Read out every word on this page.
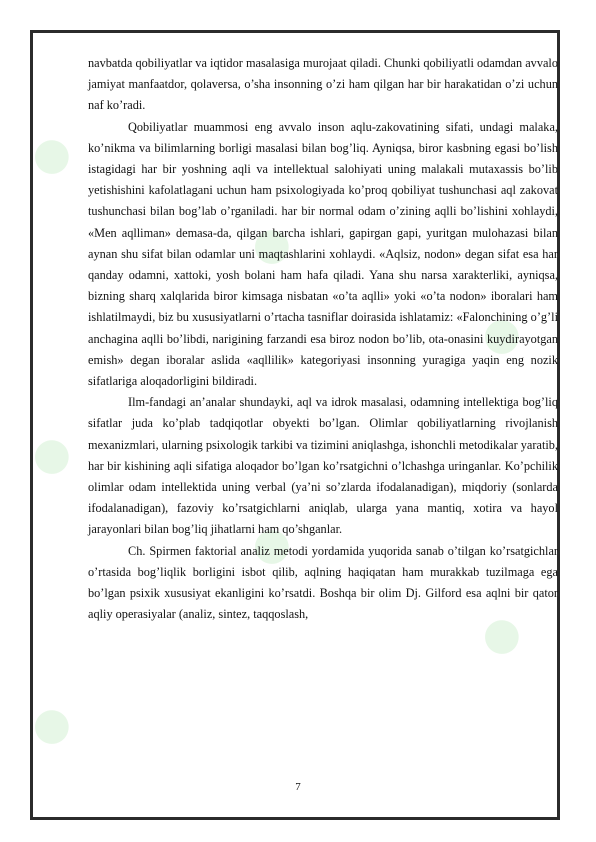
●
●
●
●
●
●
●

navbatda qobiliyatlar va iqtidor masalasiga murojaat qiladi. Chunki qobiliyatli odamdan avvalo jamiyat manfaatdor, qolaversa, o’sha insonning o’zi ham qilgan har bir harakatidan o’zi uchun naf ko’radi.

Qobiliyatlar muammosi eng avvalo inson aqlu-zakovatining sifati, undagi malaka, ko’nikma va bilimlarning borligi masalasi bilan bog’liq. Ayniqsa, biror kasbning egasi bo’lish istagidagi har bir yoshning aqli va intellektual salohiyati uning malakali mutaxassis bo’lib yetishishini kafolatlagani uchun ham psixologiyada ko’proq qobiliyat tushunchasi aql zakovat tushunchasi bilan bog’lab o’rganiladi. har bir normal odam o’zining aqlli bo’lishini xohlaydi, «Men aqlliman» demasa-da, qilgan barcha ishlari, gapirgan gapi, yuritgan mulohazasi bilan aynan shu sifat bilan odamlar uni maqtashlarini xohlaydi. «Aqlsiz, nodon» degan sifat esa har qanday odamni, xattoki, yosh bolani ham hafa qiladi. Yana shu narsa xarakterliki, ayniqsa, bizning sharq xalqlarida biror kimsaga nisbatan «o’ta aqlli» yoki «o’ta nodon» iboralari ham ishlatilmaydi, biz bu xususiyatlarni o’rtacha tasniflar doirasida ishlatamiz: «Falonchining o’g’li anchagina aqlli bo’libdi, narigining farzandi esa biroz nodon bo’lib, ota-onasini kuydirayotgan emish» degan iboralar aslida «aqllilik» kategoriyasi insonning yuragiga yaqin eng nozik sifatlariga aloqadorligini bildiradi.

Ilm-fandagi an’analar shundayki, aql va idrok masalasi, odamning intellektiga bog’liq sifatlar juda ko’plab tadqiqotlar obyekti bo’lgan. Olimlar qobiliyatlarning rivojlanish mexanizmlari, ularning psixologik tarkibi va tizimini aniqlashga, ishonchli metodikalar yaratib, har bir kishining aqli sifatiga aloqador bo’lgan ko’rsatgichni o’lchashga uringanlar. Ko’pchilik olimlar odam intellektida uning verbal (ya’ni so’zlarda ifodalanadigan), miqdoriy (sonlarda ifodalanadigan), fazoviy ko’rsatgichlarni aniqlab, ularga yana mantiq, xotira va hayol jarayonlari bilan bog’liq jihatlarni ham qo’shganlar.

Ch. Spirmen faktorial analiz metodi yordamida yuqorida sanab o’tilgan ko’rsatgichlar o’rtasida bog’liqlik borligini isbot qilib, aqlning haqiqatan ham murakkab tuzilmaga ega bo’lgan psixik xususiyat ekanligini ko’rsatdi. Boshqa bir olim Dj. Gilford esa aqlni bir qator aqliy operasiyalar (analiz, sintez, taqqoslash,

7
